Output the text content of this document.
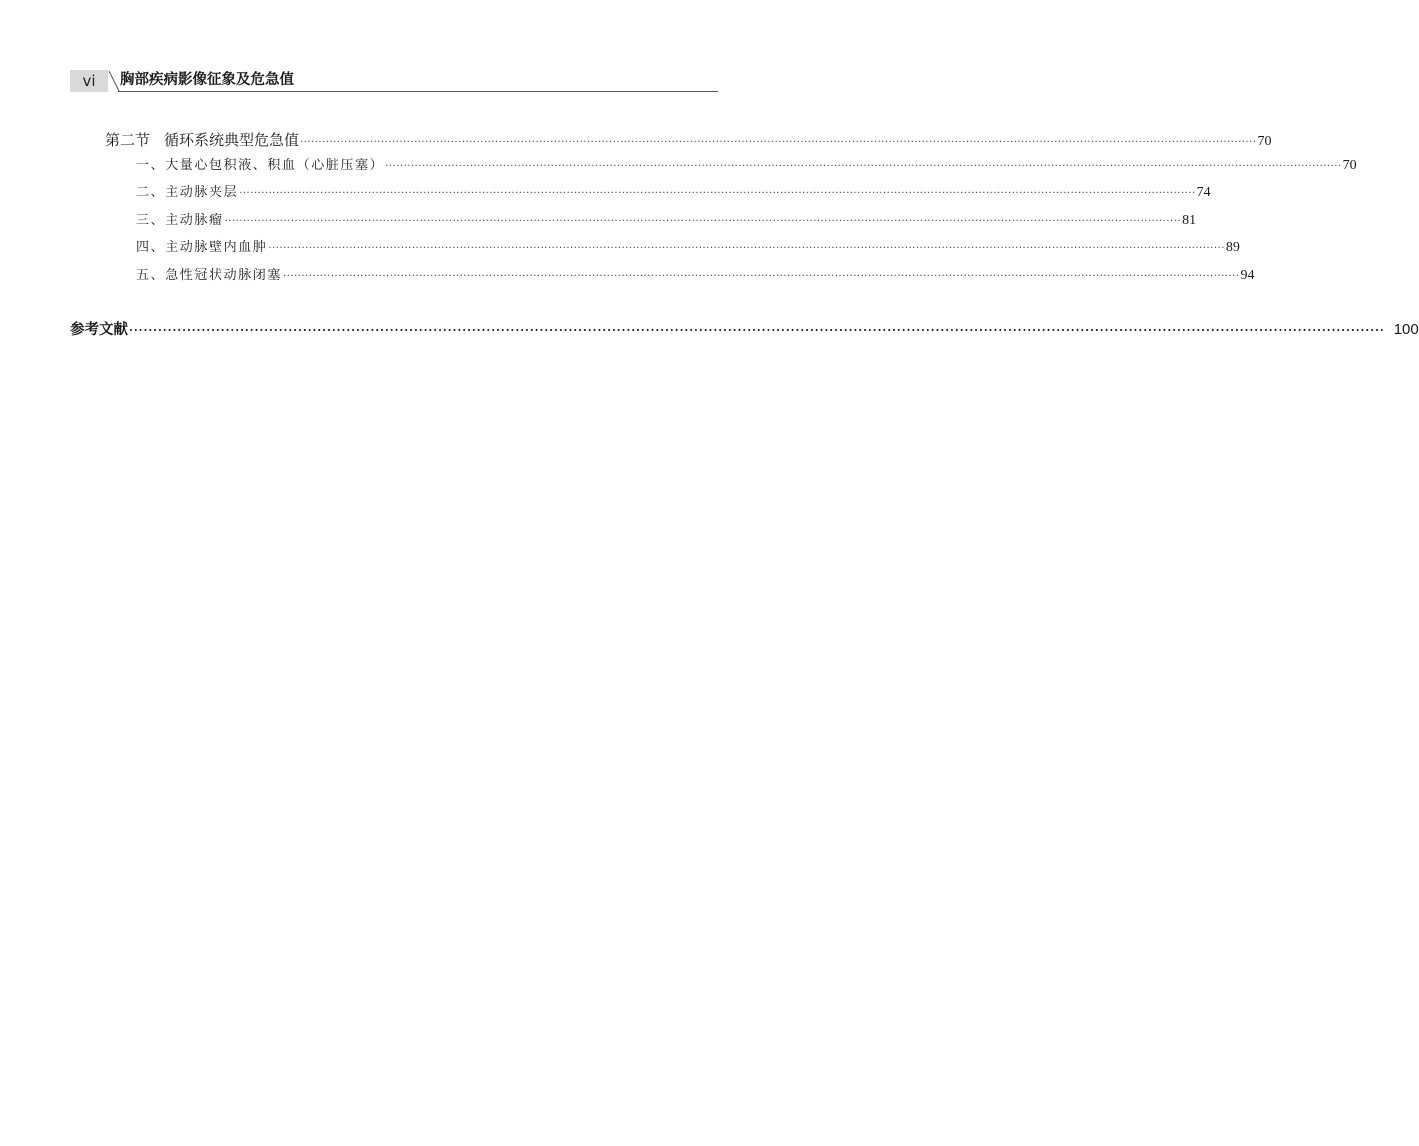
vi	胸部疾病影像征象及危急值
第二节 循环系统典型危急值 ···································································································································································································································································· 70
一、大量心包积液、积血（心脏压塞） ···································································································································································································································································· 70
二、主动脉夹层 ···································································································································································································································································· 74
三、主动脉瘤 ···································································································································································································································································· 81
四、主动脉壁内血肿 ···································································································································································································································································· 89
五、急性冠状动脉闭塞 ···································································································································································································································································· 94
参考文献 ···································································································································································································································································· 100
